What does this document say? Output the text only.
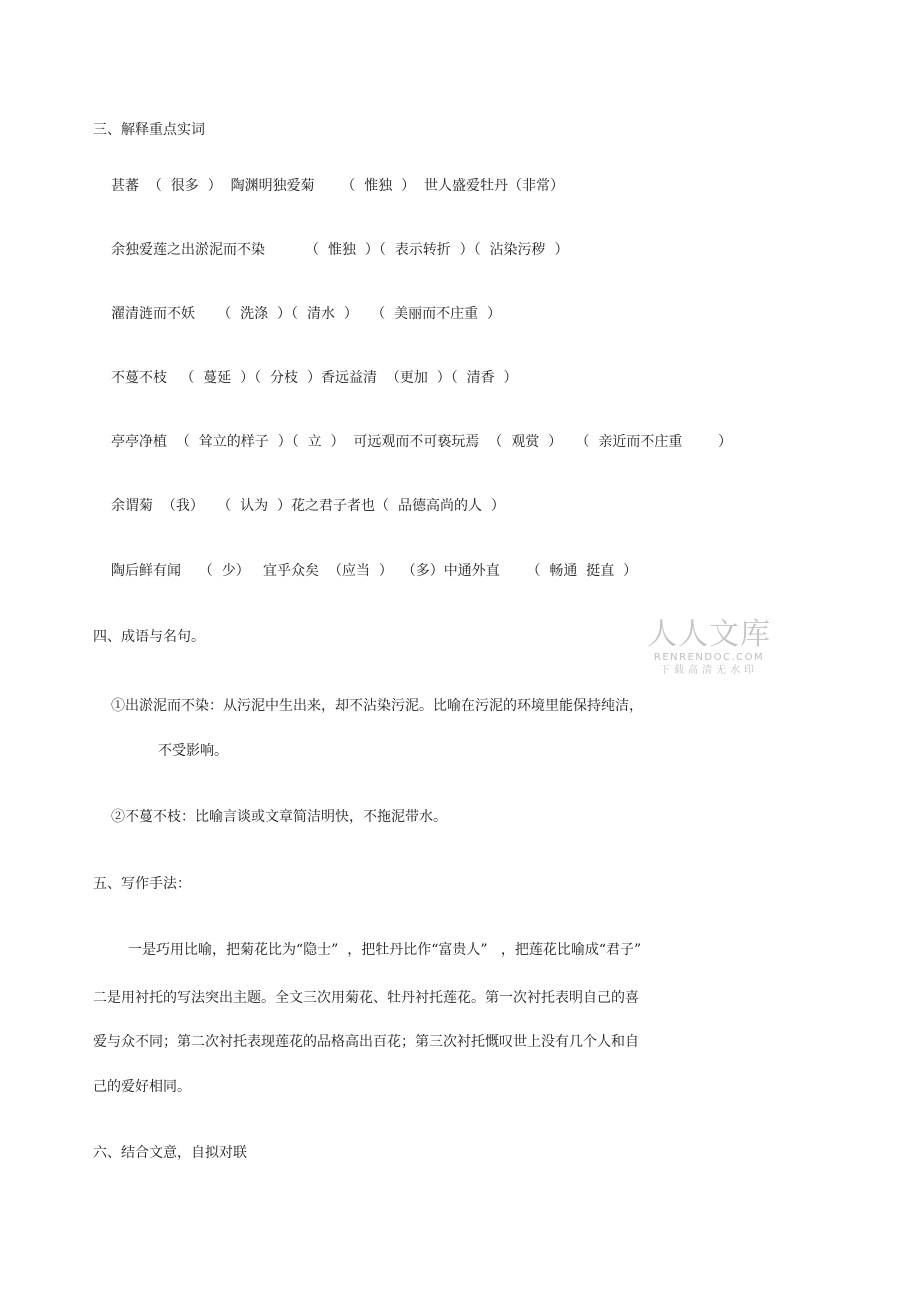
三、解释重点实词
甚蕃  （  很多  ）  陶渊明独爱菊      （  惟独  ）  世人盛爱牡丹（非常）
余独爱莲之出淤泥而不染         （  惟独  ）（  表示转折  ）（  沾染污秽  ）
濯清涟而不妖     （  洗涤  ）（  清水  ）   （  美丽而不庄重  ）
不蔓不枝   （  蔓延  ）（  分枝  ）香远益清  （更加  ）（  清香  ）
亭亭净植  （  耸立的样子  ）（  立  ）  可远观而不可亵玩焉  （  观赏  ）   （  亲近而不庄重        ）
余谓菊  （我）   （  认为  ）花之君子者也（  品德高尚的人  ）
陶后鲜有闻    （  少）   宜乎众矣  （应当  ）  （多）中通外直      （  畅通  挺直  ）
四、成语与名句。
①出淤泥而不染：从污泥中生出来，却不沾染污泥。比喻在污泥的环境里能保持纯洁，
不受影响。
②不蔓不枝：比喻言谈或文章简洁明快，不拖泥带水。
五、写作手法：
一是巧用比喻，把菊花比为“隐士”  ，把牡丹比作“富贵人”   ，把莲花比喻成“君子”
二是用衬托的写法突出主题。全文三次用菊花、牡丹衬托莲花。第一次衬托表明自己的喜
爱与众不同；第二次衬托表现莲花的品格高出百花；第三次衬托慨叹世上没有几个人和自
己的爱好相同。
六、结合文意，自拟对联
人人文库
RENRENDOC.COM
下载高清无水印
